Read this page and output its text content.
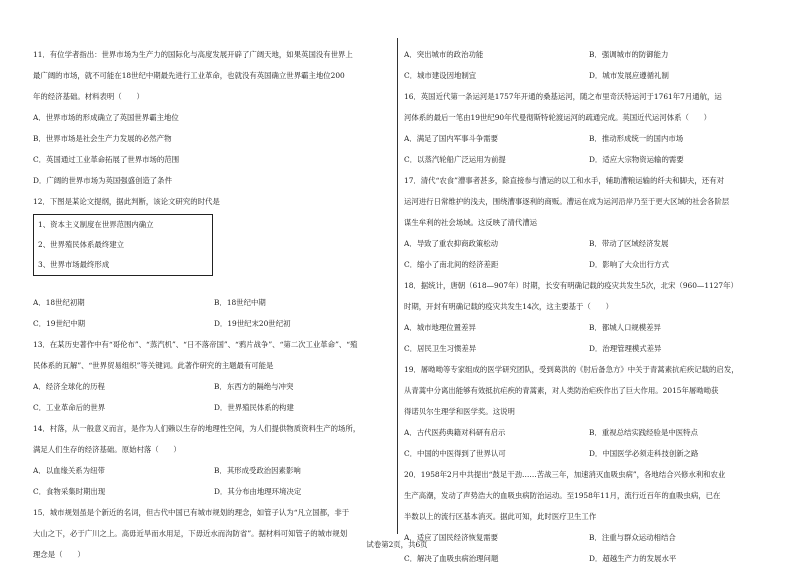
11．有位学者指出：世界市场为生产力的国际化与高度发展开辟了广阔天地，如果英国没有世界上

最广阔的市场，就不可能在18世纪中期最先进行工业革命，也就没有英国确立世界霸主地位200

年的经济基础。材料表明（　　）

A．世界市场的形成确立了英国世界霸主地位

B．世界市场是社会生产力发展的必然产物

C．英国通过工业革命拓展了世界市场的范围

D．广阔的世界市场为英国强盛创造了条件

12．下图是某论文提纲，据此判断，该论文研究的时代是

1、资本主义制度在世界范围内确立
2、世界殖民体系最终建立
3、世界市场最终形成
A．18世纪初期	B．18世纪中期
C．19世纪中期	D．19世纪末20世纪初

13．在某历史著作中有“哥伦布”、“蒸汽机”、“日不落帝国”、“鸦片战争”、“第二次工业革命”、“殖

民体系的瓦解”、“世界贸易组织”等关键词。此著作研究的主题最有可能是

A．经济全球化的历程	B．东西方的隔绝与冲突
C．工业革命后的世界	D．世界殖民体系的构建

14．村落，从一般意义而言，是作为人们赖以生存的地理性空间，为人们提供物质资料生产的场所，

满足人们生存的经济基础。原始村落（　　）

A．以血缘关系为纽带	B．其形成受政治因素影响
C．食物采集时期出现	D．其分布由地理环境决定

15．城市规划虽是个新近的名词，但古代中国已有城市规划的理念，如管子认为“凡立国都，非于

大山之下，必于广川之上。高毋近旱而水用足，下毋近水而沟防省”。据材料可知管子的城市规划

理念是（　　）

A．突出城市的政治功能	B．强调城市的防御能力
C．城市建设因地制宜	D．城市发展应遵循礼制

16．英国近代第一条运河是1757年开通的桑基运河，随之布里奇沃特运河于1761年7月通航，运

河体系的最后一笔由19世纪90年代曼彻斯特轮渡运河的疏通完成。英国近代运河体系（　　）

A．满足了国内军事斗争需要	B．推动形成统一的国内市场
C．以蒸汽轮船广泛运用为前提	D．适应大宗物资运输的需要

17．清代“农食”漕事者甚多，除直接参与漕运的以工和水手，辅助漕粮运输的纤夫和脚夫，还有对

运河进行日常维护的浅夫，围绕漕事逐利的商贩。漕运在成为运河沿岸乃至于更大区域的社会各阶层

谋生牟利的社会场域。这反映了清代漕运

A．导致了重农抑商政策松动	B．带动了区域经济发展
C．缩小了南北间的经济差距	D．影响了大众出行方式

18．据统计，唐朝（618—907年）时期，长安有明确记载的疫灾共发生5次，北宋（960—1127年）

时期，开封有明确记载的疫灾共发生14次，这主要基于（　　）

A．城市地理位置差异	B．都城人口规模差异
C．居民卫生习惯差异	D．治理管理模式差异

19．屠呦呦等专家组成的医学研究团队，受到葛洪的《肘后备急方》中关于青蒿素抗疟疾记载的启发，

从青蒿中分离出能够有效抵抗疟疾的青蒿素，对人类防治疟疾作出了巨大作用。2015年屠呦呦获

得诺贝尔生理学和医学奖。这说明

A．古代医药典籍对科研有启示	B．重视总结实践经验是中医特点
C．中国的中医得到了世界认可	D．中国医学必须走科技创新之路

20．1958年2月中共提出“鼓足干劲……苦战三年，加速消灭血吸虫病”，各地结合兴修水利和农业

生产高潮，发动了声势浩大的血吸虫病防治运动。至1958年11月，流行近百年的血吸虫病，已在

半数以上的流行区基本消灭。据此可知，此时医疗卫生工作

A．适应了国民经济恢复需要	B．注重与群众运动相结合
C．解决了血吸虫病治理问题	D．超越生产力的发展水平
试卷第2页，共6页
